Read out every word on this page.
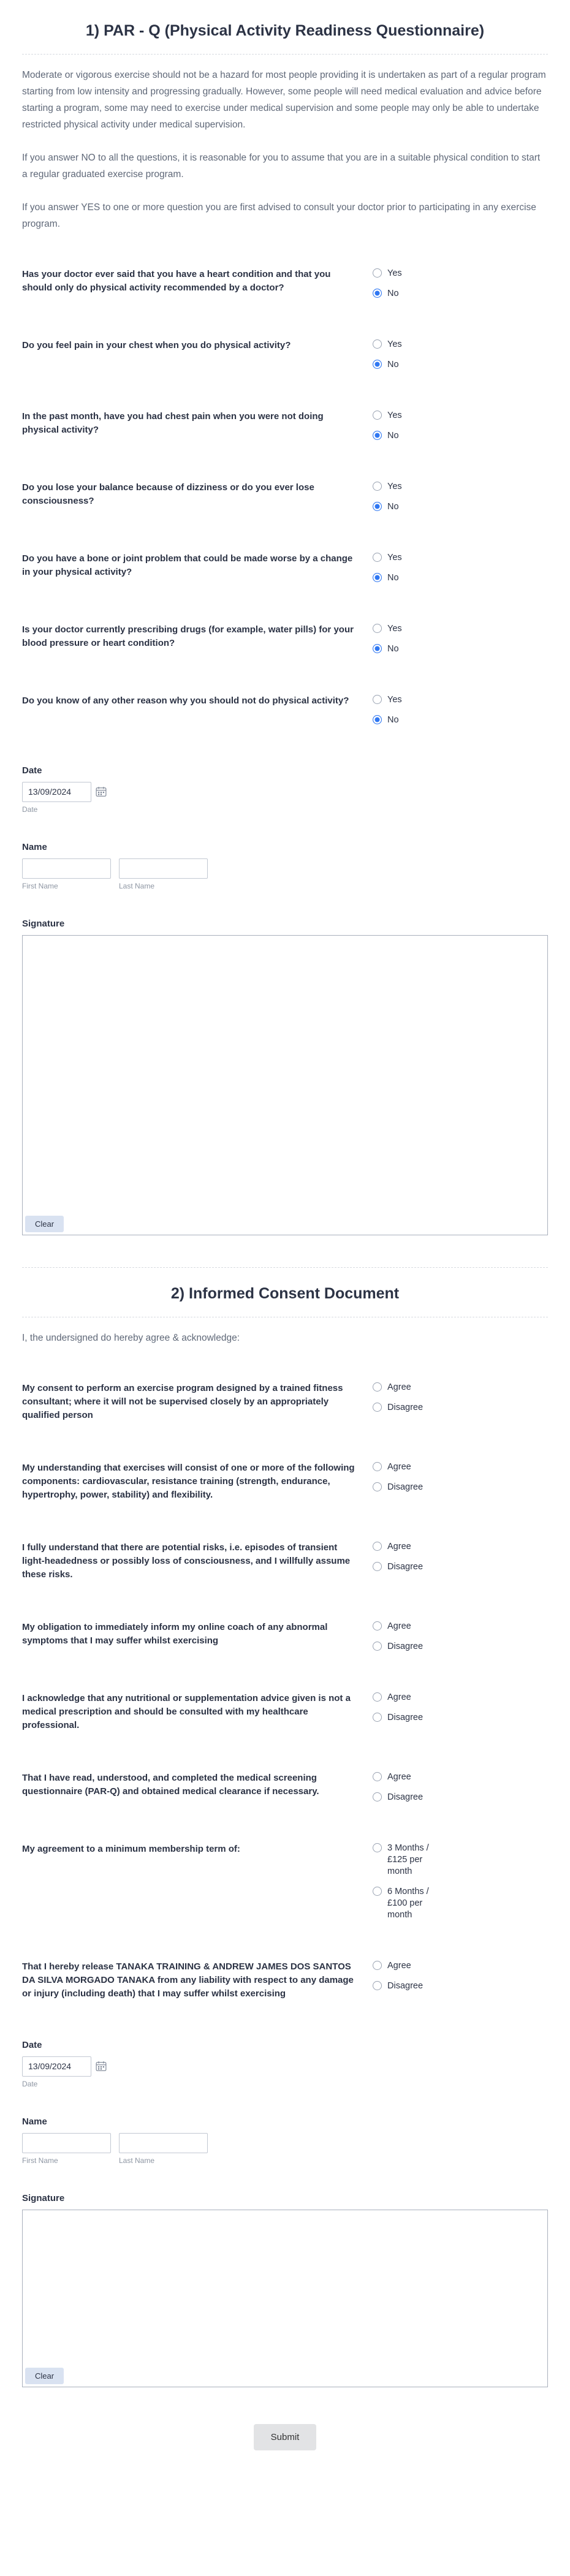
1) PAR - Q (Physical Activity Readiness Questionnaire)

Moderate or vigorous exercise should not be a hazard for most people providing it is undertaken as part of a regular program starting from low intensity and progressing gradually. However, some people will need medical evaluation and advice before starting a program, some may need to exercise under medical supervision and some people may only be able to undertake restricted physical activity under medical supervision.

If you answer NO to all the questions, it is reasonable for you to assume that you are in a suitable physical condition to start a regular graduated exercise program.

If you answer YES to one or more question you are first advised to consult your doctor prior to participating in any exercise program.

Has your doctor ever said that you have a heart condition and that you should only do physical activity recommended by a doctor?
Yes
No
Do you feel pain in your chest when you do physical activity?	Yes
No
In the past month, have you had chest pain when you were not doing physical activity?
Yes
No
Do you lose your balance because of dizziness or do you ever lose consciousness?
Yes
No
Do you have a bone or joint problem that could be made worse by a change in your physical activity?
Yes
No
Is your doctor currently prescribing drugs (for example, water pills) for your blood pressure or heart condition?
Yes
No
Do you know of any other reason why you should not do physical activity?	Yes
No
Date
13/09/2024
Date
Name
First Name	Last Name
Signature
Clear
2) Informed Consent Document

I, the undersigned do hereby agree & acknowledge:

My consent to perform an exercise program designed by a trained fitness consultant; where it will not be supervised closely by an appropriately qualified person
Agree
Disagree
My understanding that exercises will consist of one or more of the following components: cardiovascular, resistance training (strength, endurance, hypertrophy, power, stability) and flexibility.
Agree
Disagree
I fully understand that there are potential risks, i.e. episodes of transient light-headedness or possibly loss of consciousness, and I willfully assume these risks.
Agree
Disagree
My obligation to immediately inform my online coach of any abnormal symptoms that I may suffer whilst exercising
Agree
Disagree
I acknowledge that any nutritional or supplementation advice given is not a medical prescription and should be consulted with my healthcare professional.
Agree
Disagree
That I have read, understood, and completed the medical screening questionnaire (PAR-Q) and obtained medical clearance if necessary.
Agree
Disagree
My agreement to a minimum membership term of:	3 Months / £125 per month
6 Months / £100 per month
That I hereby release TANAKA TRAINING & ANDREW JAMES DOS SANTOS DA SILVA MORGADO TANAKA from any liability with respect to any damage or injury (including death) that I may suffer whilst exercising
Agree
Disagree
Date
13/09/2024
Date
Name
First Name	Last Name
Signature
Clear
Submit
